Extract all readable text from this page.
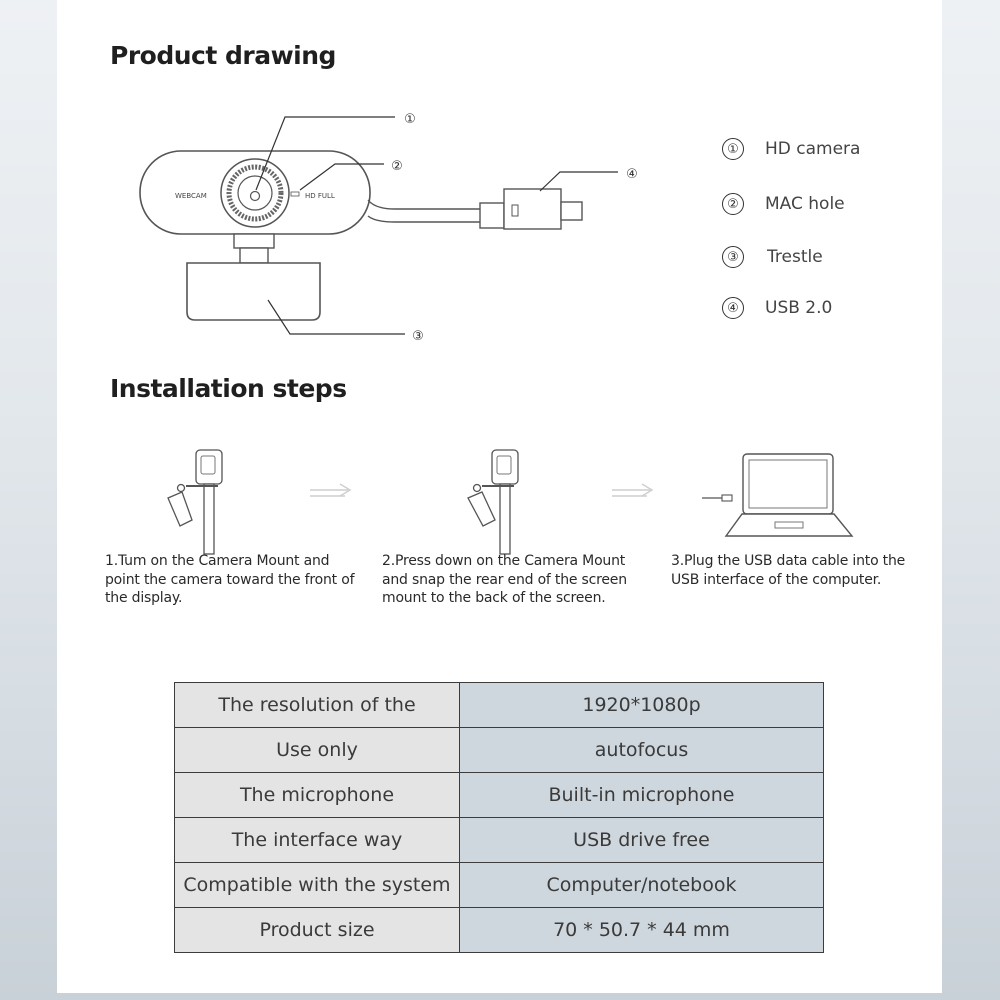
Product drawing
WEBCAM	HD FULL
①
②
③
④
①	HD camera
②	MAC hole
③	Trestle
④	USB 2.0
Installation steps
1.Tum on the Camera Mount and point the camera toward the front of the display.
2.Press down on the Camera Mount and snap the rear end of the screen mount to the back of the screen.
3.Plug the USB data cable into the USB interface of the computer.
The resolution of the	1920*1080p
Use only	autofocus
The microphone	Built-in microphone
The interface way	USB drive free
Compatible with the system	Computer/notebook
Product size	70 * 50.7 * 44 mm
